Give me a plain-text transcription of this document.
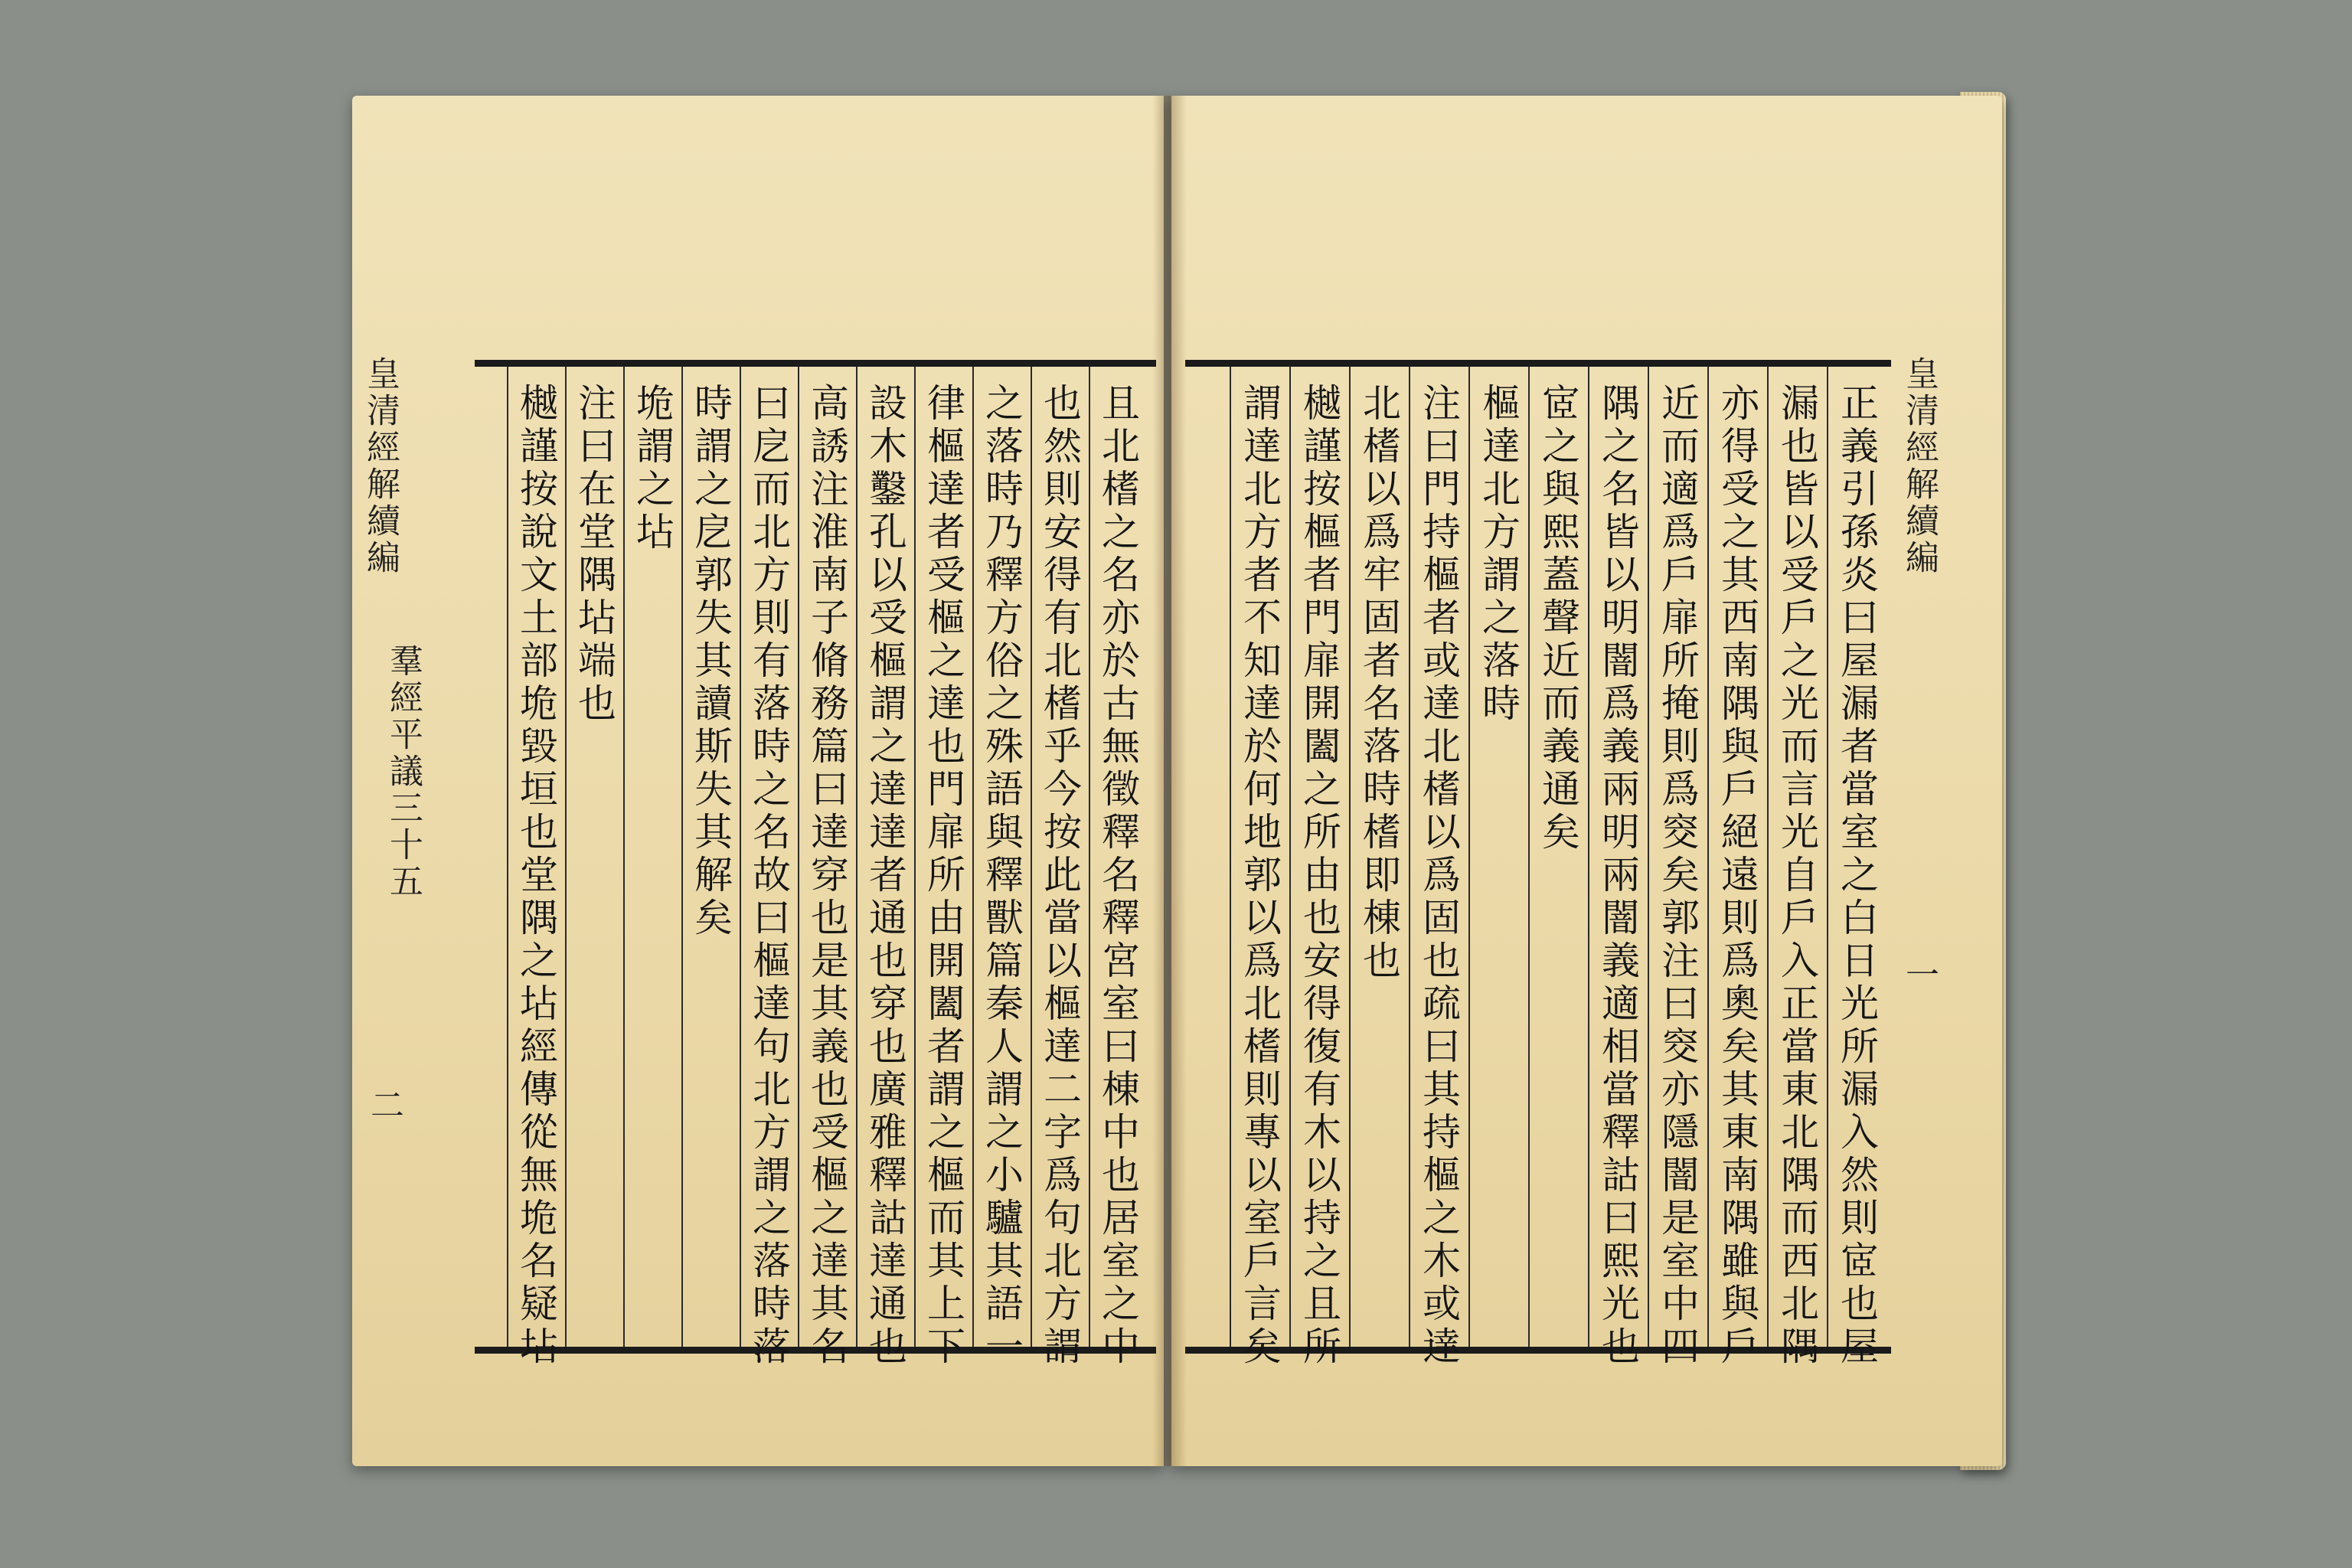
皇清經解續編
羣經平議三十五
二
皇清經解續編
一
且北榰之名亦於古無徵釋名釋宮室曰棟中也居室之中
也然則安得有北榰乎今按此當以樞達二字爲句北方謂
之落時乃釋方俗之殊語與釋獸篇秦人謂之小驢其語一
律樞達者受樞之達也門扉所由開闔者謂之樞而其上下
設木鑿孔以受樞謂之達達者通也穿也廣雅釋詁達通也
高誘注淮南子脩務篇曰達穿也是其義也受樞之達其名
曰戹而北方則有落時之名故曰樞達句北方謂之落時落
時謂之戹郭失其讀斯失其解矣
垝謂之坫
注曰在堂隅坫端也
樾謹按說文土部垝毀垣也堂隅之坫經傳從無垝名疑坫	正義引孫炎曰屋漏者當室之白日光所漏入然則宧也屋
漏也皆以受戶之光而言光自戶入正當東北隅而西北隅
亦得受之其西南隅與戶絕遠則爲奧矣其東南隅雖與戶
近而適爲戶扉所掩則爲窔矣郭注曰窔亦隱闇是室中四
隅之名皆以明闇爲義兩明兩闇義適相當釋詁曰熙光也
宧之與熙蓋聲近而義通矣
樞達北方謂之落時
注曰門持樞者或達北榰以爲固也疏曰其持樞之木或達
北榰以爲牢固者名落時榰即棟也
樾謹按樞者門扉開闔之所由也安得復有木以持之且所
謂達北方者不知達於何地郭以爲北榰則專以室戶言矣
